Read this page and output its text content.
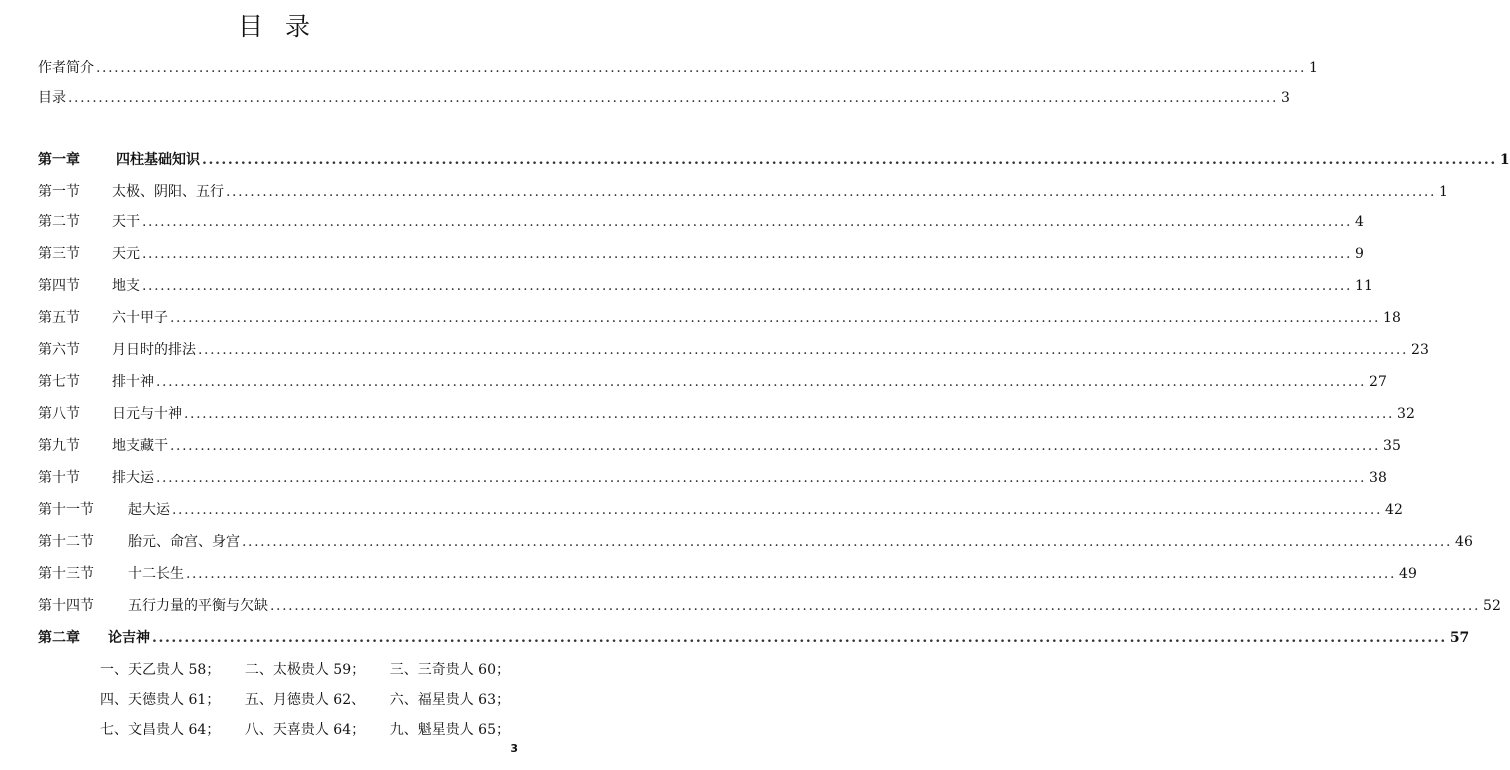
目录
作者简介 ........................................................................................................................................................................................................ 1
目录 ........................................................................................................................................................................................................ 3
第一章	四柱基础知识 ........................................................................................................................................................................................................ 1
第一节	太极、阴阳、五行 ........................................................................................................................................................................................................ 1
第二节	天干 ........................................................................................................................................................................................................ 4
第三节	天元 ........................................................................................................................................................................................................ 9
第四节	地支 ........................................................................................................................................................................................................ 11
第五节	六十甲子 ........................................................................................................................................................................................................ 18
第六节	月日时的排法 ........................................................................................................................................................................................................ 23
第七节	排十神 ........................................................................................................................................................................................................ 27
第八节	日元与十神 ........................................................................................................................................................................................................ 32
第九节	地支藏干 ........................................................................................................................................................................................................ 35
第十节	排大运 ........................................................................................................................................................................................................ 38
第十一节	起大运 ........................................................................................................................................................................................................ 42
第十二节	胎元、命宫、身宫 ........................................................................................................................................................................................................ 46
第十三节	十二长生 ........................................................................................................................................................................................................ 49
第十四节	五行力量的平衡与欠缺 ........................................................................................................................................................................................................ 52
第二章	论吉神 ........................................................................................................................................................................................................ 57
一、天乙贵人 58； 二、太极贵人 59； 三、三奇贵人 60；
四、天德贵人 61； 五、月德贵人 62、 六、福星贵人 63；
七、文昌贵人 64； 八、天喜贵人 64； 九、魁星贵人 65；
3
